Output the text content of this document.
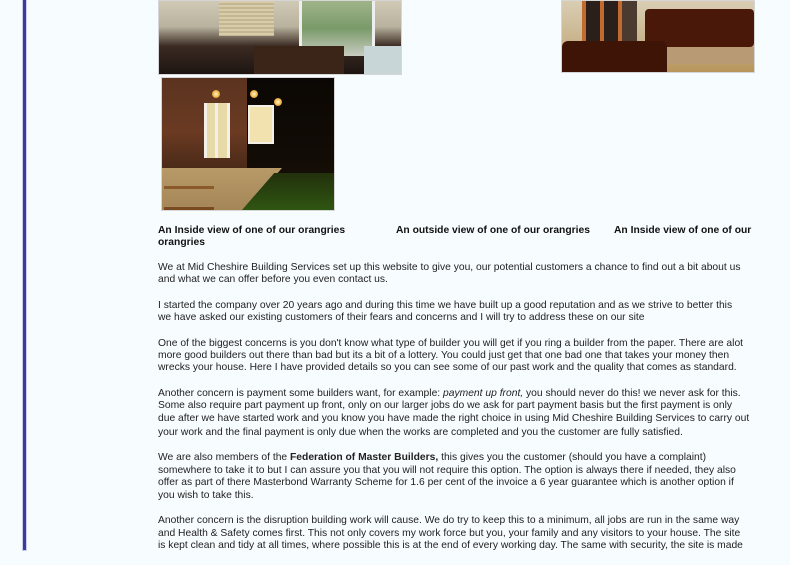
An Inside view of one of our orangries	An outside view of one of our orangries An Inside view of one of our
orangries

We at Mid Cheshire Building Services set up this website to give you, our potential customers a chance to find out a bit about us
and what we can offer before you even contact us.

I started the company over 20 years ago and during this time we have built up a good reputation and as we strive to better this
we have asked our existing customers of their fears and concerns and I will try to address these on our site

One of the biggest concerns is you don't know what type of builder you will get if you ring a builder from the paper. There are alot
more good builders out there than bad but its a bit of a lottery. You could just get that one bad one that takes your money then
wrecks your house. Here I have provided details so you can see some of our past work and the quality that comes as standard.

Another concern is payment some builders want, for example: payment up front, you should never do this! we never ask for this.
Some also require part payment up front, only on our larger jobs do we ask for part payment basis but the first payment is only
due after we have started work and you know you have made the right choice in using Mid Cheshire Building Services to carry out
your work and the final payment is only due when the works are completed and you the customer are fully satisfied.

We are also members of the Federation of Master Builders, this gives you the customer (should you have a complaint)
somewhere to take it to but I can assure you that you will not require this option. The option is always there if needed, they also
offer as part of there Masterbond Warranty Scheme for 1.6 per cent of the invoice a 6 year guarantee which is another option if
you wish to take this.

Another concern is the disruption building work will cause. We do try to keep this to a minimum, all jobs are run in the same way
and Health & Safety comes first. This not only covers my work force but you, your family and any visitors to your house. The site
is kept clean and tidy at all times, where possible this is at the end of every working day. The same with security, the site is made
